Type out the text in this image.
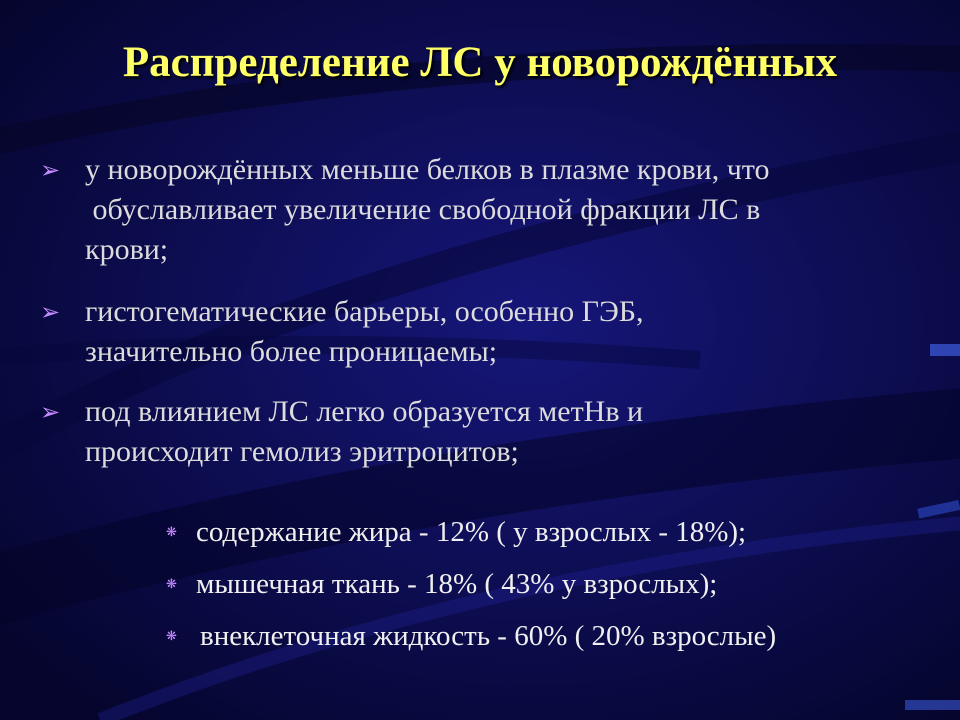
Распределение ЛС у новорождённых
➢ у новорождённых меньше белков в плазме крови, что
обуславливает увеличение свободной фракции ЛС в
крови;
➢ гистогематические барьеры, особенно ГЭБ,
значительно более проницаемы;
➢ под влиянием ЛС легко образуется метНв и
происходит гемолиз эритроцитов;
❋ содержание жира - 12% ( у взрослых - 18%);
❋ мышечная ткань - 18% ( 43% у взрослых);
❋ внеклеточная жидкость - 60% ( 20% взрослые)
